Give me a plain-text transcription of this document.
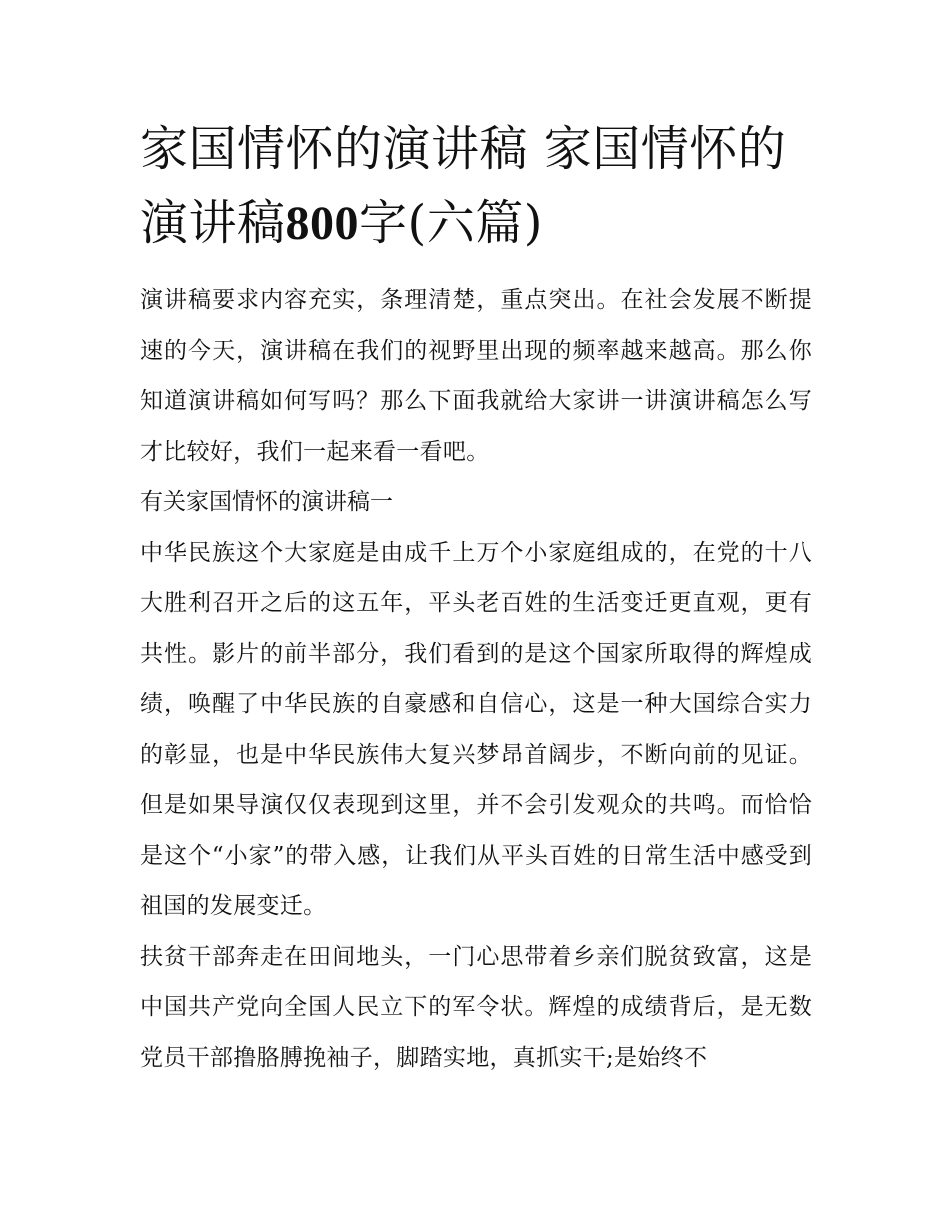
家国情怀的演讲稿 家国情怀的演讲稿800字(六篇)

演讲稿要求内容充实，条理清楚，重点突出。在社会发展不断提速的今天，演讲稿在我们的视野里出现的频率越来越高。那么你知道演讲稿如何写吗？那么下面我就给大家讲一讲演讲稿怎么写才比较好，我们一起来看一看吧。

有关家国情怀的演讲稿一

中华民族这个大家庭是由成千上万个小家庭组成的，在党的十八大胜利召开之后的这五年，平头老百姓的生活变迁更直观，更有共性。影片的前半部分，我们看到的是这个国家所取得的辉煌成绩，唤醒了中华民族的自豪感和自信心，这是一种大国综合实力的彰显，也是中华民族伟大复兴梦昂首阔步，不断向前的见证。但是如果导演仅仅表现到这里，并不会引发观众的共鸣。而恰恰是这个“小家”的带入感，让我们从平头百姓的日常生活中感受到祖国的发展变迁。

扶贫干部奔走在田间地头，一门心思带着乡亲们脱贫致富，这是中国共产党向全国人民立下的军令状。辉煌的成绩背后，是无数党员干部撸胳膊挽袖子，脚踏实地，真抓实干;是始终不
